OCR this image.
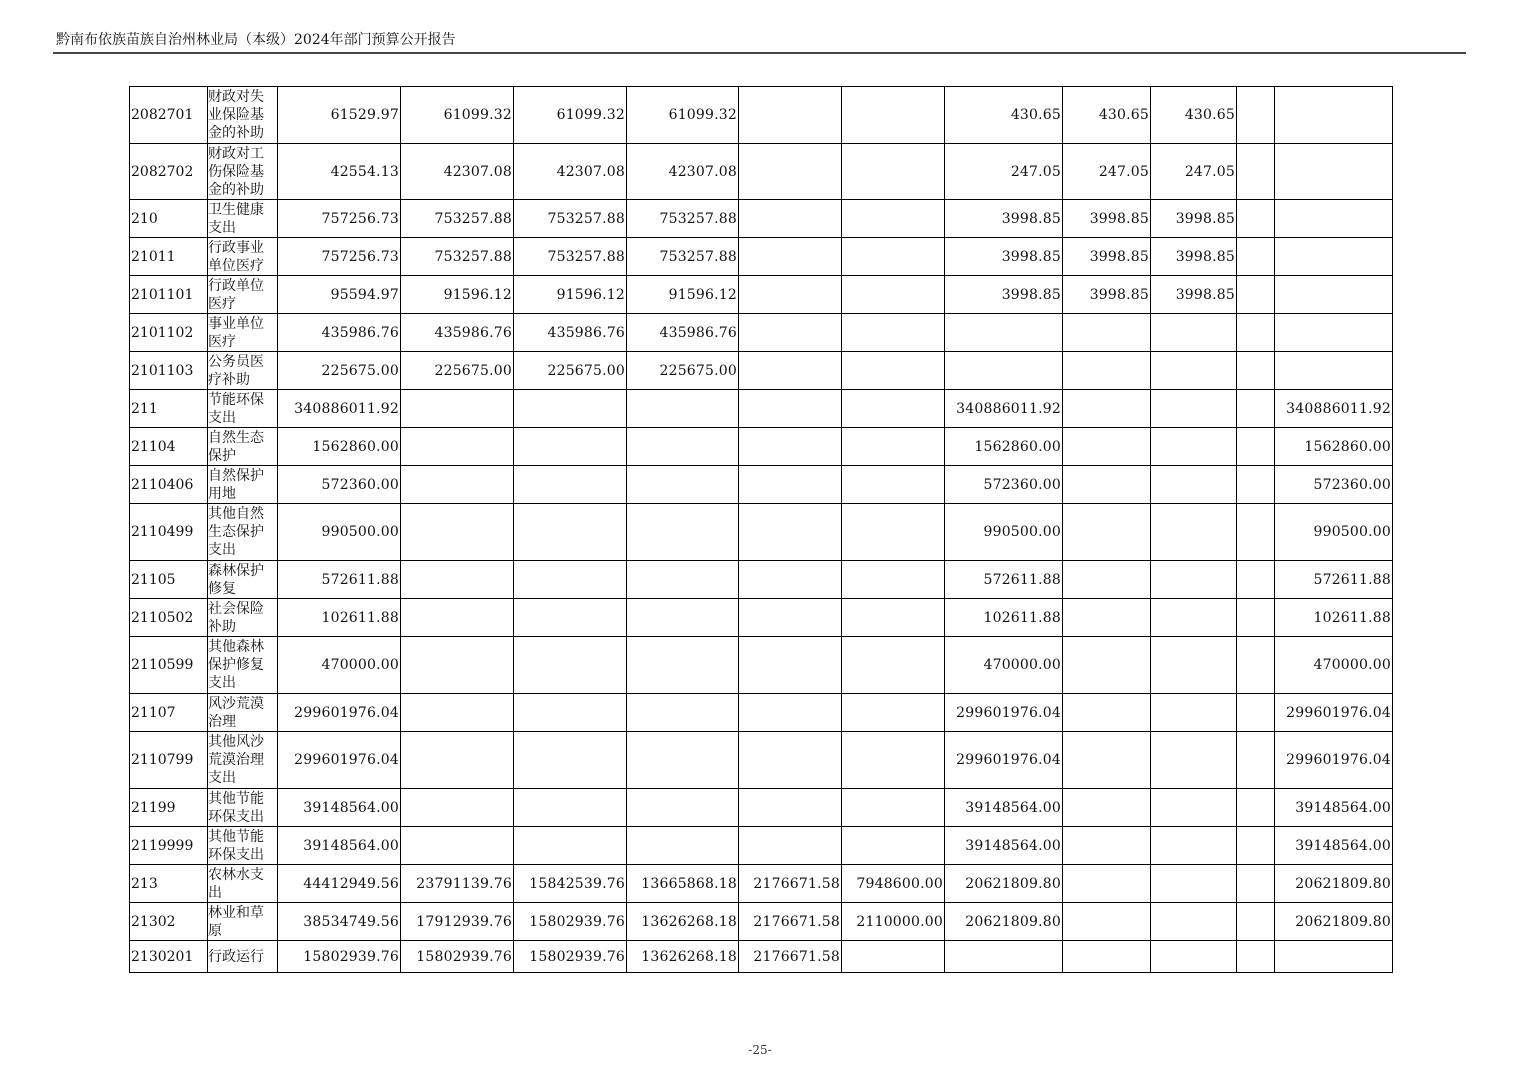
黔南布依族苗族自治州林业局（本级）2024年部门预算公开报告
2082701	财政对失业保险基金的补助	61529.97	61099.32	61099.32	61099.32			430.65	430.65	430.65		
2082702	财政对工伤保险基金的补助	42554.13	42307.08	42307.08	42307.08			247.05	247.05	247.05		
210	卫生健康支出	757256.73	753257.88	753257.88	753257.88			3998.85	3998.85	3998.85		
21011	行政事业单位医疗	757256.73	753257.88	753257.88	753257.88			3998.85	3998.85	3998.85		
2101101	行政单位医疗	95594.97	91596.12	91596.12	91596.12			3998.85	3998.85	3998.85		
2101102	事业单位医疗	435986.76	435986.76	435986.76	435986.76							
2101103	公务员医疗补助	225675.00	225675.00	225675.00	225675.00							
211	节能环保支出	340886011.92						340886011.92				340886011.92
21104	自然生态保护	1562860.00						1562860.00				1562860.00
2110406	自然保护用地	572360.00						572360.00				572360.00
2110499	其他自然生态保护支出	990500.00						990500.00				990500.00
21105	森林保护修复	572611.88						572611.88				572611.88
2110502	社会保险补助	102611.88						102611.88				102611.88
2110599	其他森林保护修复支出	470000.00						470000.00				470000.00
21107	风沙荒漠治理	299601976.04						299601976.04				299601976.04
2110799	其他风沙荒漠治理支出	299601976.04						299601976.04				299601976.04
21199	其他节能环保支出	39148564.00						39148564.00				39148564.00
2119999	其他节能环保支出	39148564.00						39148564.00				39148564.00
213	农林水支出	44412949.56	23791139.76	15842539.76	13665868.18	2176671.58	7948600.00	20621809.80				20621809.80
21302	林业和草原	38534749.56	17912939.76	15802939.76	13626268.18	2176671.58	2110000.00	20621809.80				20621809.80
2130201	行政运行	15802939.76	15802939.76	15802939.76	13626268.18	2176671.58						
-25-
